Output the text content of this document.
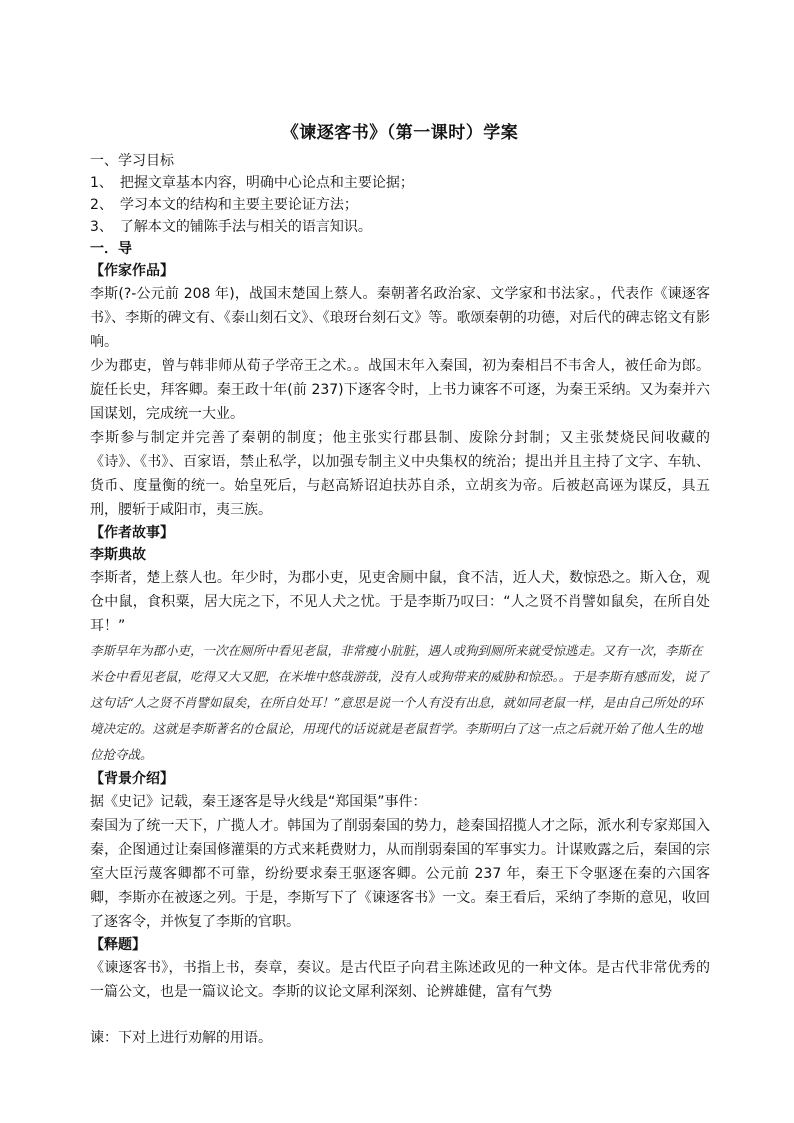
《谏逐客书》（第一课时）学案

一、学习目标

1、　把握文章基本内容，明确中心论点和主要论据；

2、　学习本文的结构和主要主要论证方法；

3、　了解本文的铺陈手法与相关的语言知识。

一．导

【作家作品】

李斯(?-公元前 208 年)，战国末楚国上蔡人。秦朝著名政治家、文学家和书法家。，代表作《谏逐客书》、李斯的碑文有、《泰山刻石文》、《琅玡台刻石文》等。歌颂秦朝的功德，对后代的碑志铭文有影响。

少为郡吏，曾与韩非师从荀子学帝王之术。。战国末年入秦国，初为秦相吕不韦舍人，被任命为郎。旋任长史，拜客卿。秦王政十年(前 237)下逐客令时，上书力谏客不可逐，为秦王采纳。又为秦并六国谋划，完成统一大业。

李斯参与制定并完善了秦朝的制度；他主张实行郡县制、废除分封制；又主张焚烧民间收藏的《诗》、《书》、百家语，禁止私学，以加强专制主义中央集权的统治；提出并且主持了文字、车轨、货币、度量衡的统一。始皇死后，与赵高矫诏迫扶苏自杀，立胡亥为帝。后被赵高诬为谋反，具五刑，腰斩于咸阳市，夷三族。

【作者故事】

李斯典故

李斯者，楚上蔡人也。年少时，为郡小吏，见吏舍厕中鼠，食不洁，近人犬，数惊恐之。斯入仓，观仓中鼠，食积粟，居大庑之下，不见人犬之忧。于是李斯乃叹曰：“人之贤不肖譬如鼠矣，在所自处耳！”

李斯早年为郡小吏，一次在厕所中看见老鼠，非常瘦小肮脏，遇人或狗到厕所来就受惊逃走。又有一次，李斯在米仓中看见老鼠，吃得又大又肥，在米堆中悠哉游哉，没有人或狗带来的威胁和惊恐。。于是李斯有感而发，说了这句话“人之贤不肖譬如鼠矣，在所自处耳！”意思是说一个人有没有出息，就如同老鼠一样，是由自己所处的环境决定的。这就是李斯著名的仓鼠论，用现代的话说就是老鼠哲学。李斯明白了这一点之后就开始了他人生的地位抢夺战。

【背景介绍】

据《史记》记载，秦王逐客是导火线是“郑国渠”事件：

秦国为了统一天下，广揽人才。韩国为了削弱秦国的势力，趁秦国招揽人才之际，派水利专家郑国入秦，企图通过让秦国修灌渠的方式来耗费财力，从而削弱秦国的军事实力。计谋败露之后，秦国的宗室大臣污蔑客卿都不可靠，纷纷要求秦王驱逐客卿。公元前 237 年，秦王下令驱逐在秦的六国客卿，李斯亦在被逐之列。于是，李斯写下了《谏逐客书》一文。秦王看后，采纳了李斯的意见，收回了逐客令，并恢复了李斯的官职。

【释题】

《谏逐客书》，书指上书，奏章，奏议。是古代臣子向君主陈述政见的一种文体。是古代非常优秀的一篇公文，也是一篇议论文。李斯的议论文犀利深刻、论辨雄健，富有气势

谏：下对上进行劝解的用语。
